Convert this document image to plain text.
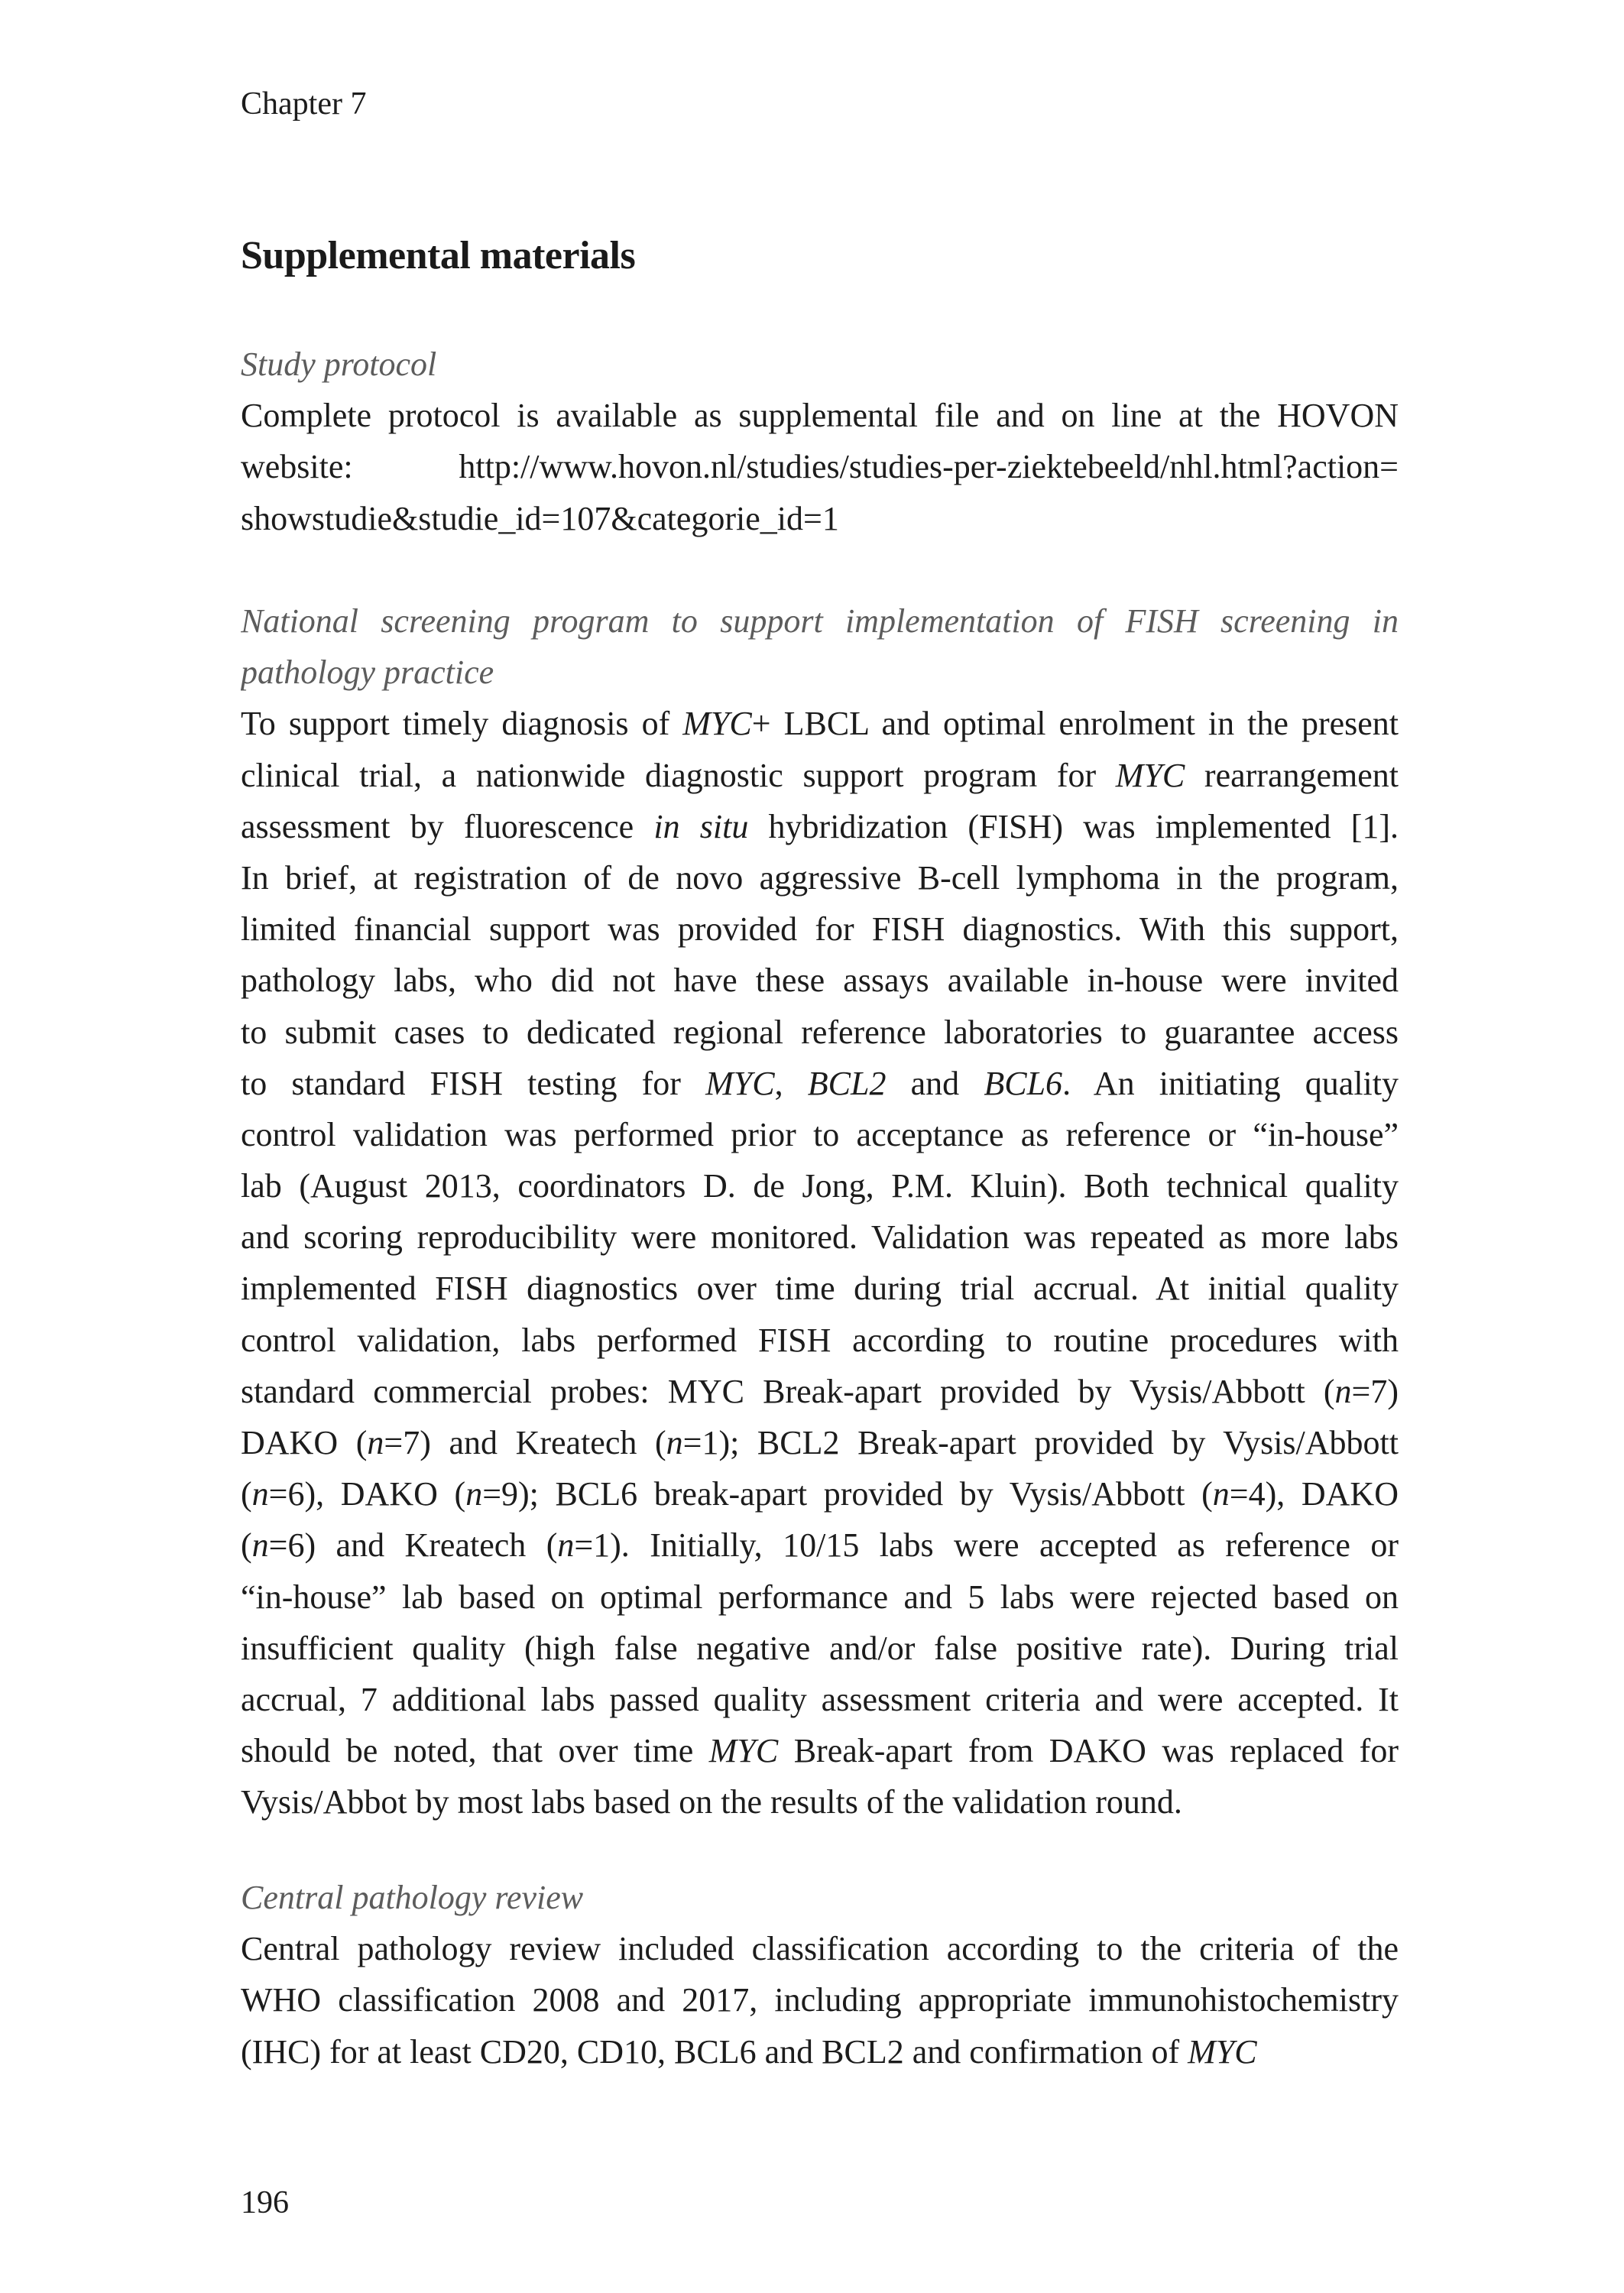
Chapter 7
Supplemental materials
Study protocol
Complete protocol is available as supplemental file and on line at the HOVON
website: http://www.hovon.nl/studies/studies-per-ziektebeeld/nhl.html?action=
showstudie&studie_id=107&categorie_id=1
National screening program to support implementation of FISH screening in
pathology practice
To support timely diagnosis of MYC+ LBCL and optimal enrolment in the present
clinical trial, a nationwide diagnostic support program for MYC rearrangement
assessment by fluorescence in situ hybridization (FISH) was implemented [1].
In brief, at registration of de novo aggressive B-cell lymphoma in the program,
limited financial support was provided for FISH diagnostics. With this support,
pathology labs, who did not have these assays available in-house were invited
to submit cases to dedicated regional reference laboratories to guarantee access
to standard FISH testing for MYC, BCL2 and BCL6. An initiating quality
control validation was performed prior to acceptance as reference or “in-house”
lab (August 2013, coordinators D. de Jong, P.M. Kluin). Both technical quality
and scoring reproducibility were monitored. Validation was repeated as more labs
implemented FISH diagnostics over time during trial accrual. At initial quality
control validation, labs performed FISH according to routine procedures with
standard commercial probes: MYC Break-apart provided by Vysis/Abbott (n=7)
DAKO (n=7) and Kreatech (n=1); BCL2 Break-apart provided by Vysis/Abbott
(n=6), DAKO (n=9); BCL6 break-apart provided by Vysis/Abbott (n=4), DAKO
(n=6) and Kreatech (n=1). Initially, 10/15 labs were accepted as reference or
“in-house” lab based on optimal performance and 5 labs were rejected based on
insufficient quality (high false negative and/or false positive rate). During trial
accrual, 7 additional labs passed quality assessment criteria and were accepted. It
should be noted, that over time MYC Break-apart from DAKO was replaced for
Vysis/Abbot by most labs based on the results of the validation round.
Central pathology review
Central pathology review included classification according to the criteria of the
WHO classification 2008 and 2017, including appropriate immunohistochemistry
(IHC) for at least CD20, CD10, BCL6 and BCL2 and confirmation of MYC
196
